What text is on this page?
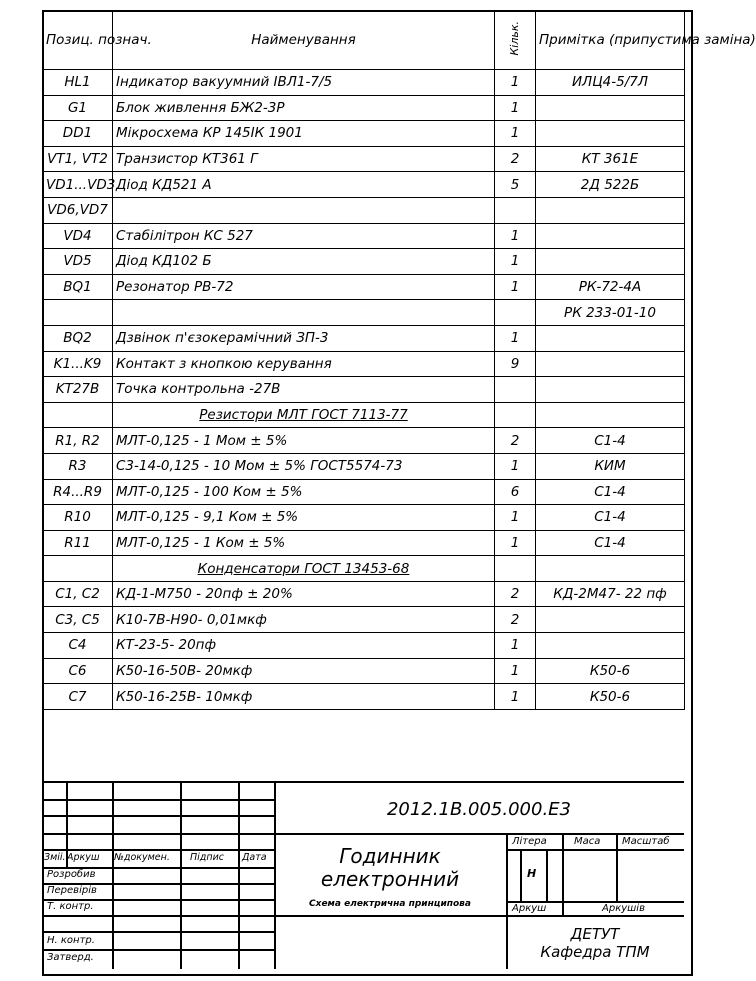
Позиц. познач.	Найменування	Кільк.	Примітка (припустима заміна)
HL1	Індикатор вакуумний ІВЛ1-7/5	1	ИЛЦ4-5/7Л
G1	Блок живлення БЖ2-3Р	1	
DD1	Мікросхема КР 145ІК 1901	1	
VT1, VT2	Транзистор КТ361 Г	2	КТ 361Е
VD1...VD3	Діод КД521 А	5	2Д 522Б
VD6,VD7			
VD4	Стабілітрон КС 527	1	
VD5	Діод КД102 Б	1	
BQ1	Резонатор РВ-72	1	РК-72-4А
			РК 233-01-10
BQ2	Дзвінок п'єзокерамічний ЗП-3	1	
K1...K9	Контакт з кнопкою керування	9	
KT27B	Точка контрольна -27В		
	Резистори МЛТ ГОСТ 7113-77		
R1, R2	МЛТ-0,125 - 1 Мом ± 5%	2	С1-4
R3	С3-14-0,125 - 10 Мом ± 5% ГОСТ5574-73	1	КИМ
R4...R9	МЛТ-0,125 - 100 Ком ± 5%	6	С1-4
R10	МЛТ-0,125 - 9,1 Ком ± 5%	1	С1-4
R11	МЛТ-0,125 - 1 Ком ± 5%	1	С1-4
	Конденсатори ГОСТ 13453-68		
C1, C2	КД-1-М750 - 20пф ± 20%	2	КД-2М47- 22 пф
C3, C5	К10-7В-Н90- 0,01мкф	2	
C4	КТ-23-5- 20пф	1	
C6	К50-16-50В- 20мкф	1	К50-6
C7	К50-16-25В- 10мкф	1	К50-6
2012.1В.005.000.Е3
Зміі. Аркуш №докумен. Підпис Дата
Розробив
Перевірів
Т. контр.
Н. контр.
Затверд.
Годинник
електронний
Схема електрична принципова
Літера	Маса Масштаб
Н
Аркуш	Аркушів
ДЕТУТ
Кафедра ТПМ
